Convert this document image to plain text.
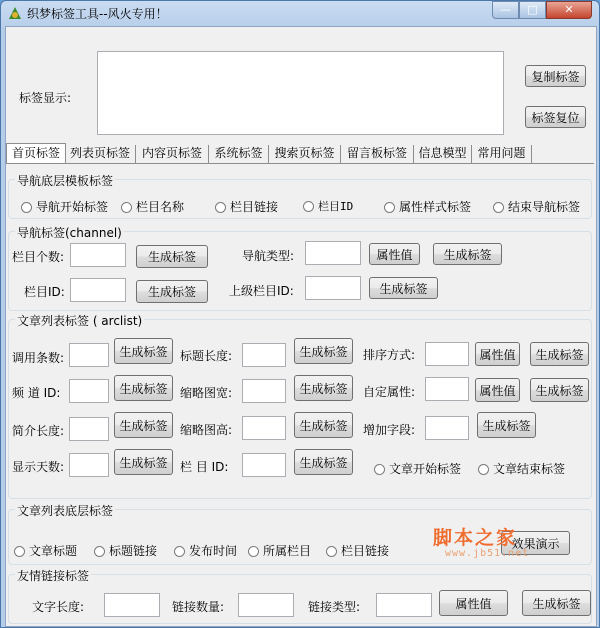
织梦标签工具--风火专用！	—	□	✕
标签显示:
复制标签
标签复位
首页标签 列表页标签 内容页标签	系统标签 搜索页标签	留言板标签 信息模型 常用问题
导航底层模板标签
导航开始标签	栏目名称	栏目链接	栏目ID	属性样式标签	结束导航标签
导航标签(channel)
栏目个数:	生成标签	导航类型:	属性值	生成标签
栏目ID:	生成标签	上级栏目ID:	生成标签
文章列表标签 ( arclist)
调用条数:	生成标签	标题长度:	生成标签	排序方式:	属性值	生成标签
频 道 ID:	生成标签	缩略图宽:	生成标签	自定属性:	属性值	生成标签
简介长度:	生成标签	缩略图高:	生成标签	增加字段:	生成标签
显示天数:	生成标签	栏 目 ID:	生成标签	文章开始标签	文章结束标签
文章列表底层标签
文章标题	标题链接	发布时间	所属栏目	栏目链接
效果演示
友情链接标签
文字长度:	链接数量:	链接类型:	属性值	生成标签
脚本之家
www.jb51.net
